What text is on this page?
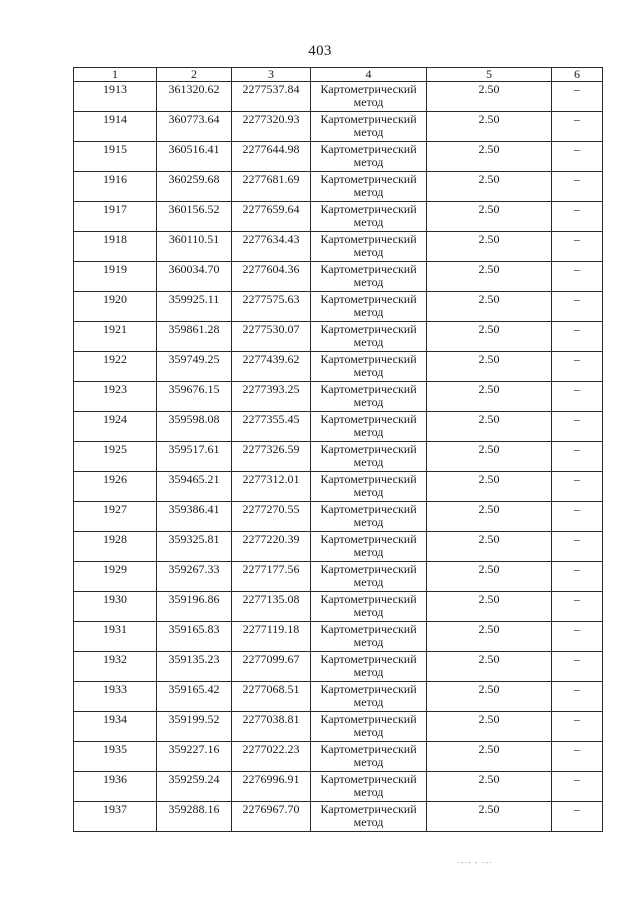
403
1	2	3	4	5	6
1913	361320.62	2277537.84	Картометрический
метод	2.50	–
1914	360773.64	2277320.93	Картометрический
метод	2.50	–
1915	360516.41	2277644.98	Картометрический
метод	2.50	–
1916	360259.68	2277681.69	Картометрический
метод	2.50	–
1917	360156.52	2277659.64	Картометрический
метод	2.50	–
1918	360110.51	2277634.43	Картометрический
метод	2.50	–
1919	360034.70	2277604.36	Картометрический
метод	2.50	–
1920	359925.11	2277575.63	Картометрический
метод	2.50	–
1921	359861.28	2277530.07	Картометрический
метод	2.50	–
1922	359749.25	2277439.62	Картометрический
метод	2.50	–
1923	359676.15	2277393.25	Картометрический
метод	2.50	–
1924	359598.08	2277355.45	Картометрический
метод	2.50	–
1925	359517.61	2277326.59	Картометрический
метод	2.50	–
1926	359465.21	2277312.01	Картометрический
метод	2.50	–
1927	359386.41	2277270.55	Картометрический
метод	2.50	–
1928	359325.81	2277220.39	Картометрический
метод	2.50	–
1929	359267.33	2277177.56	Картометрический
метод	2.50	–
1930	359196.86	2277135.08	Картометрический
метод	2.50	–
1931	359165.83	2277119.18	Картометрический
метод	2.50	–
1932	359135.23	2277099.67	Картометрический
метод	2.50	–
1933	359165.42	2277068.51	Картометрический
метод	2.50	–
1934	359199.52	2277038.81	Картометрический
метод	2.50	–
1935	359227.16	2277022.23	Картометрический
метод	2.50	–
1936	359259.24	2276996.91	Картометрический
метод	2.50	–
1937	359288.16	2276967.70	Картометрический
метод	2.50	–
·‑·‑ ‑ ·‑·
